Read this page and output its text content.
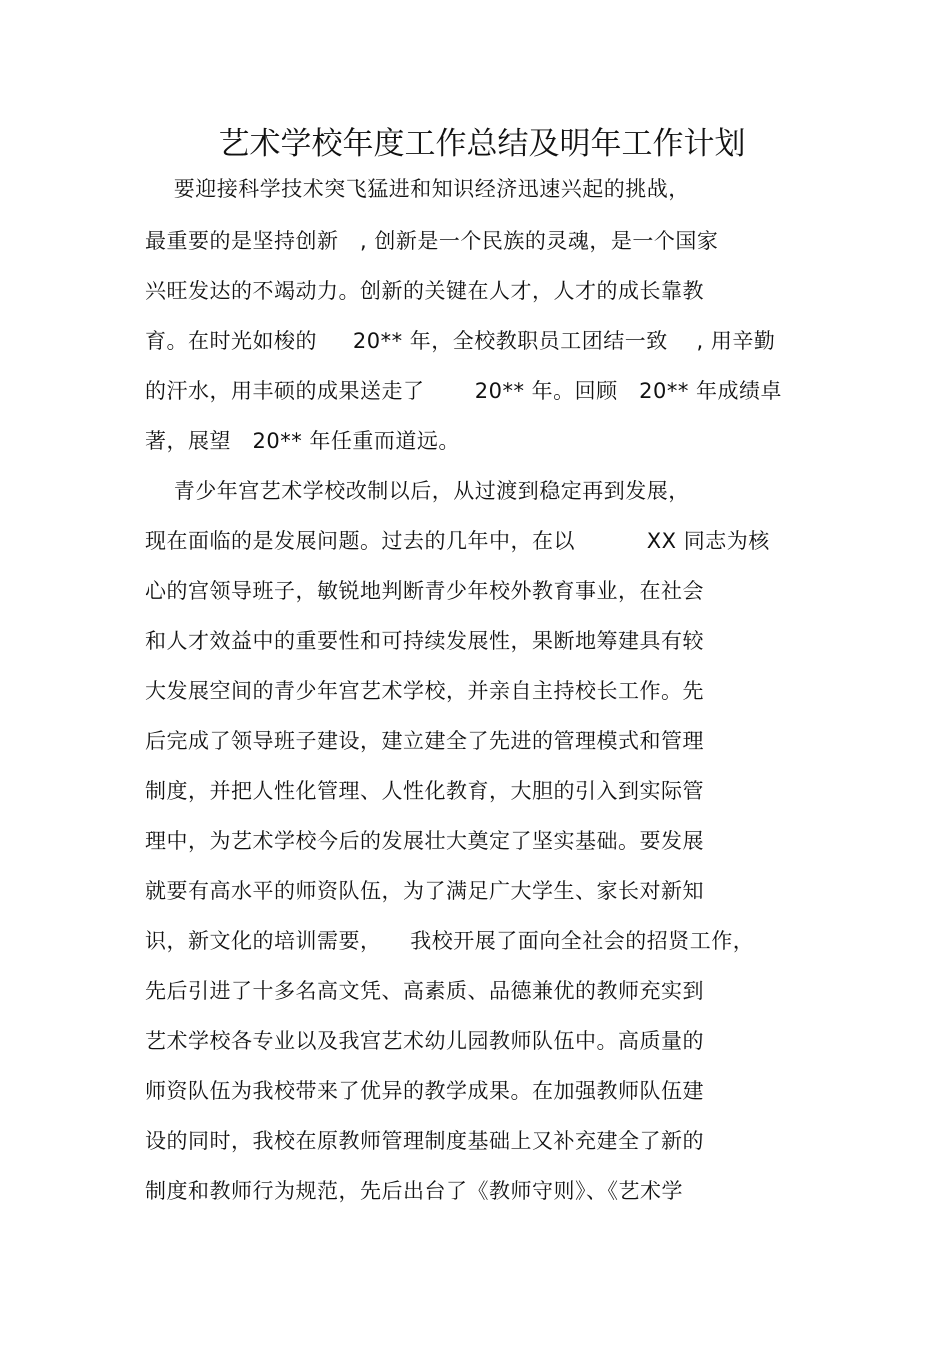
艺术学校年度工作总结及明年工作计划

要迎接科学技术突飞猛进和知识经济迅速兴起的挑战，

最重要的是坚持创新   , 创新是一个民族的灵魂，是一个国家

兴旺发达的不竭动力。创新的关键在人才，人才的成长靠教

育。在时光如梭的     20** 年，全校教职员工团结一致    , 用辛勤

的汗水，用丰硕的成果送走了       20** 年。回顾   20** 年成绩卓

著，展望   20** 年任重而道远。

青少年宫艺术学校改制以后，从过渡到稳定再到发展，

现在面临的是发展问题。过去的几年中，在以          XX 同志为核

心的宫领导班子，敏锐地判断青少年校外教育事业，在社会

和人才效益中的重要性和可持续发展性，果断地筹建具有较

大发展空间的青少年宫艺术学校，并亲自主持校长工作。先

后完成了领导班子建设，建立建全了先进的管理模式和管理

制度，并把人性化管理、人性化教育，大胆的引入到实际管

理中，为艺术学校今后的发展壮大奠定了坚实基础。要发展

就要有高水平的师资队伍，为了满足广大学生、家长对新知

识，新文化的培训需要，    我校开展了面向全社会的招贤工作，

先后引进了十多名高文凭、高素质、品德兼优的教师充实到

艺术学校各专业以及我宫艺术幼儿园教师队伍中。高质量的

师资队伍为我校带来了优异的教学成果。在加强教师队伍建

设的同时，我校在原教师管理制度基础上又补充建全了新的

制度和教师行为规范，先后出台了《教师守则》、《艺术学
